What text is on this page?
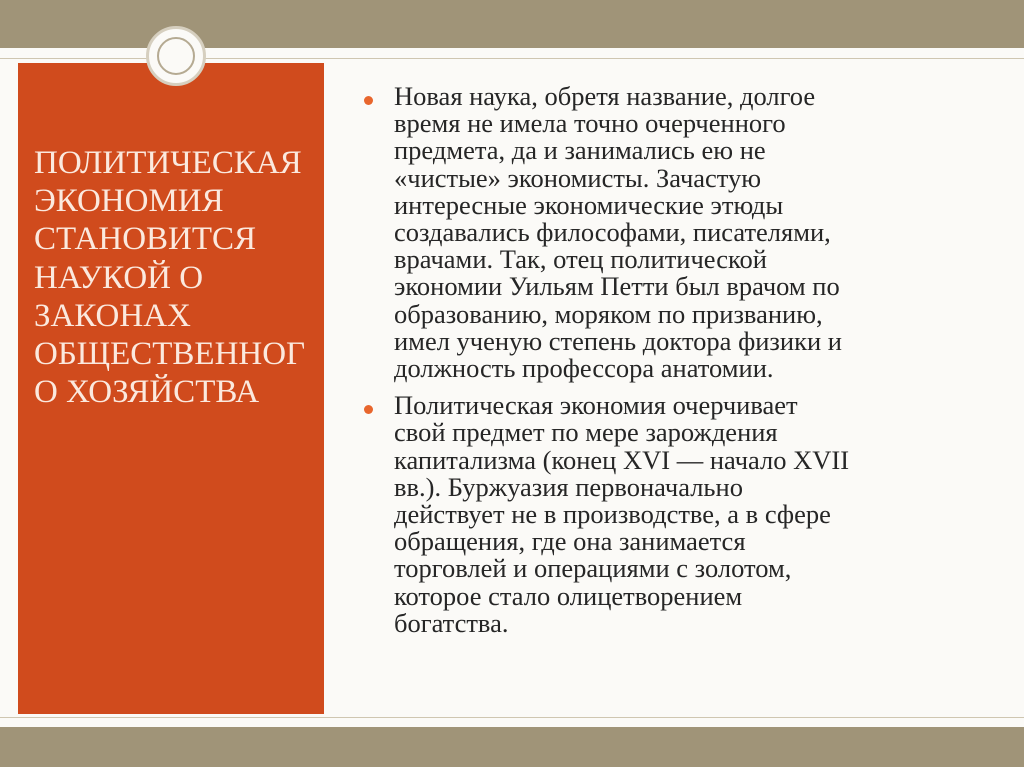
ПОЛИТИЧЕСКАЯ
ЭКОНОМИЯ
СТАНОВИТСЯ
НАУКОЙ О
ЗАКОНАХ
ОБЩЕСТВЕННОГ
О ХОЗЯЙСТВА
Новая наука, обретя название, долгое
время не имела точно очерченного
предмета, да и занимались ею не
«чистые» экономисты. Зачастую
интересные экономические этюды
создавались философами, писателями,
врачами. Так, отец политической
экономии Уильям Петти был врачом по
образованию, моряком по призванию,
имел ученую степень доктора физики и
должность профессора анатомии.
Политическая экономия очерчивает
свой предмет по мере зарождения
капитализма (конец XVI — начало XVII
вв.). Буржуазия первоначально
действует не в производстве, а в сфере
обращения, где она занимается
торговлей и операциями с золотом,
которое стало олицетворением
богатства.
